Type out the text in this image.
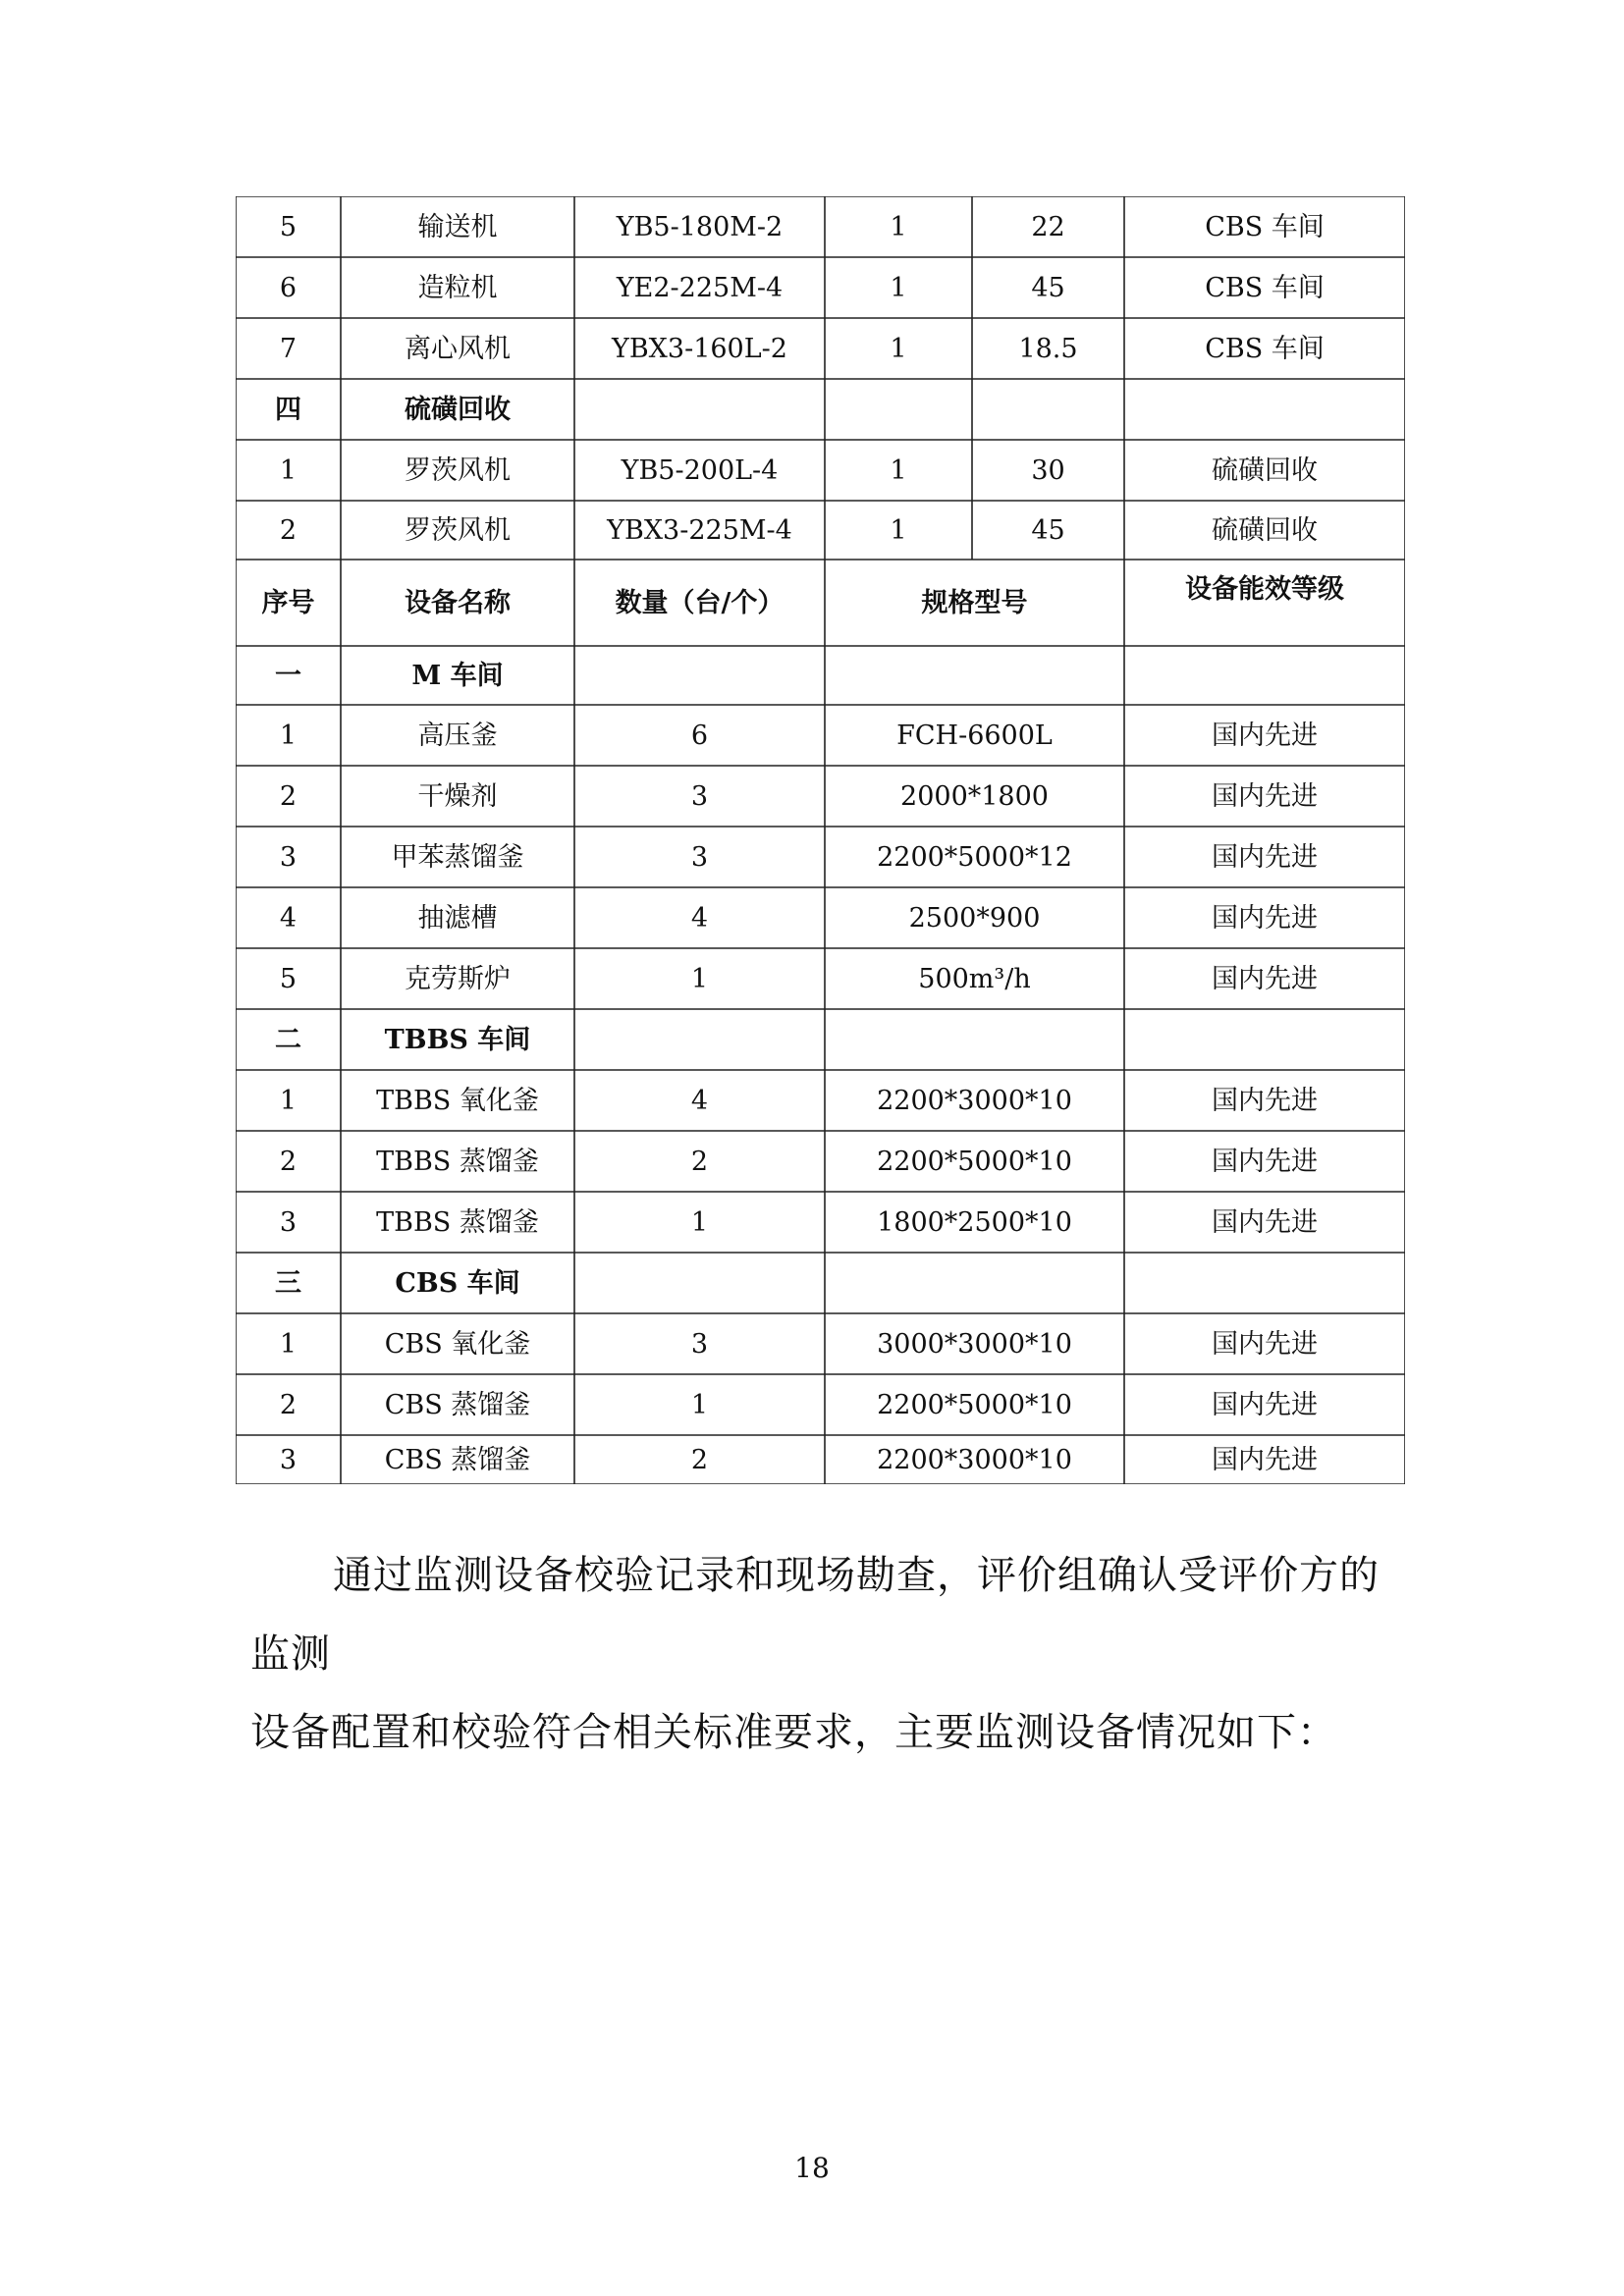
5	输送机	YB5-180M-2	1	22	CBS 车间
6	造粒机	YE2-225M-4	1	45	CBS 车间
7	离心风机	YBX3-160L-2	1	18.5	CBS 车间
四	硫磺回收
1	罗茨风机	YB5-200L-4	1	30	硫磺回收
2	罗茨风机	YBX3-225M-4	1	45	硫磺回收
序号	设备名称	数量（台/个）	规格型号	设备能效等级
一	M 车间
1	高压釜	6	FCH-6600L	国内先进
2	干燥剂	3	2000*1800	国内先进
3	甲苯蒸馏釜	3	2200*5000*12	国内先进
4	抽滤槽	4	2500*900	国内先进
5	克劳斯炉	1	500m³/h	国内先进
二	TBBS 车间
1	TBBS 氧化釜	4	2200*3000*10	国内先进
2	TBBS 蒸馏釜	2	2200*5000*10	国内先进
3	TBBS 蒸馏釜	1	1800*2500*10	国内先进
三	CBS 车间
1	CBS 氧化釜	3	3000*3000*10	国内先进
2	CBS 蒸馏釜	1	2200*5000*10	国内先进
3	CBS 蒸馏釜	2	2200*3000*10	国内先进

通过监测设备校验记录和现场勘查，评价组确认受评价方的监测

设备配置和校验符合相关标准要求，主要监测设备情况如下：

18
